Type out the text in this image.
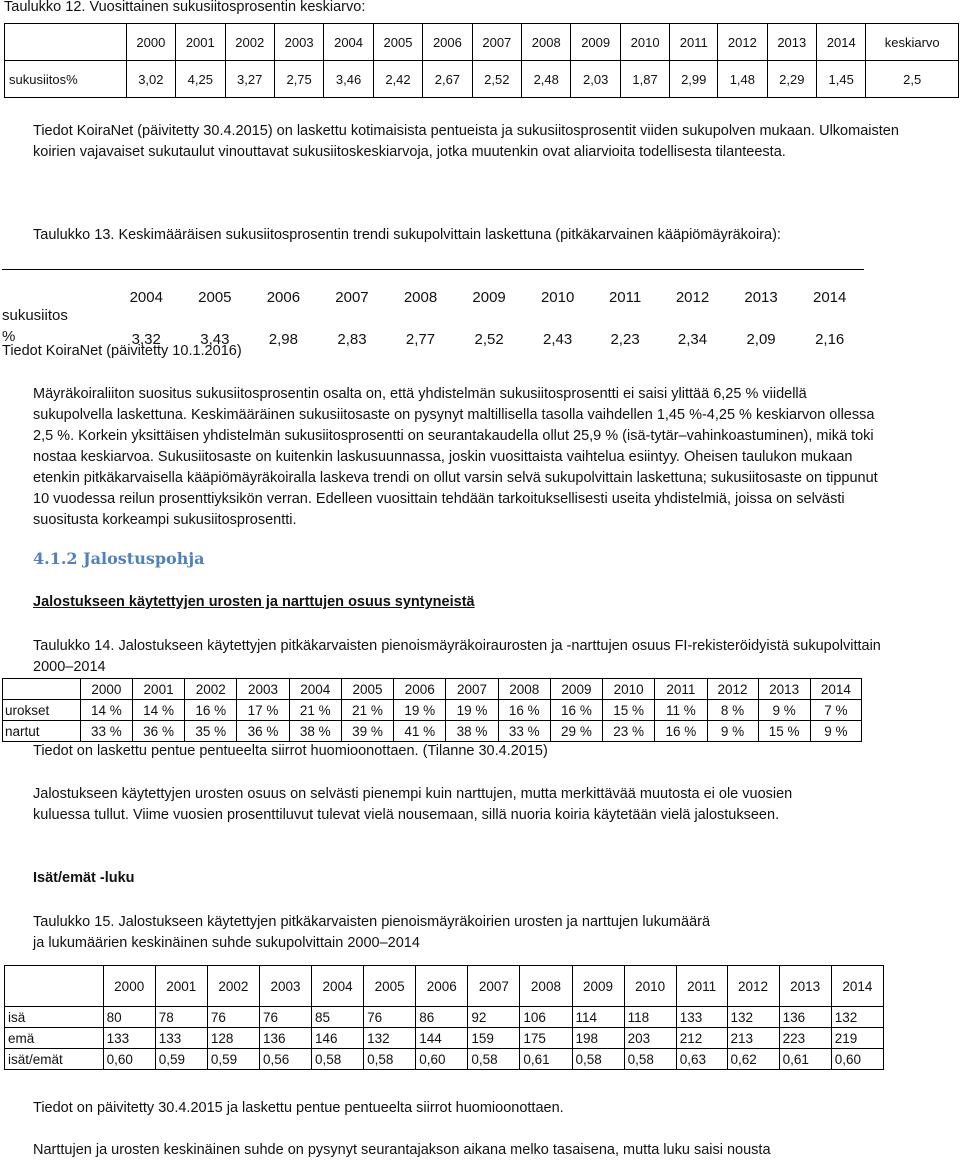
Taulukko 12. Vuosittainen sukusiitosprosentin keskiarvo:
	2000	2001	2002	2003	2004	2005	2006	2007	2008	2009	2010	2011	2012	2013	2014	keskiarvo
sukusiitos%	3,02	4,25	3,27	2,75	3,46	2,42	2,67	2,52	2,48	2,03	1,87	2,99	1,48	2,29	1,45	2,5

Tiedot KoiraNet (päivitetty 30.4.2015) on laskettu kotimaisista pentueista ja sukusiitosprosentit viiden sukupolven mukaan. Ulkomaisten koirien vajavaiset sukutaulut vinouttavat sukusiitoskeskiarvoja, jotka muutenkin ovat aliarvioita todellisesta tilanteesta.

Taulukko 13. Keskimääräisen sukusiitosprosentin trendi sukupolvittain laskettuna (pitkäkarvainen kääpiömäyräkoira):
	2004	2005	2006	2007	2008	2009	2010	2011	2012	2013	2014
sukusiitos											
%	3,32	3,43	2,98	2,83	2,77	2,52	2,43	2,23	2,34	2,09	2,16
Tiedot KoiraNet (päivitetty 10.1.2016)

Mäyräkoiraliiton suositus sukusiitosprosentin osalta on, että yhdistelmän sukusiitosprosentti ei saisi ylittää 6,25 % viidellä sukupolvella laskettuna. Keskimääräinen sukusiitosaste on pysynyt maltillisella tasolla vaihdellen 1,45 %-4,25 % keskiarvon ollessa 2,5 %. Korkein yksittäisen yhdistelmän sukusiitosprosentti on seurantakaudella ollut 25,9 % (isä-tytär–vahinkoastuminen), mikä toki nostaa keskiarvoa. Sukusiitosaste on kuitenkin laskusuunnassa, joskin vuosittaista vaihtelua esiintyy. Oheisen taulukon mukaan etenkin pitkäkarvaisella kääpiömäyräkoiralla laskeva trendi on ollut varsin selvä sukupolvittain laskettuna; sukusiitosaste on tippunut 10 vuodessa reilun prosenttiyksikön verran. Edelleen vuosittain tehdään tarkoituksellisesti useita yhdistelmiä, joissa on selvästi suositusta korkeampi sukusiitosprosentti.

4.1.2 Jalostuspohja
Jalostukseen käytettyjen urosten ja narttujen osuus syntyneistä

Taulukko 14. Jalostukseen käytettyjen pitkäkarvaisten pienoismäyräkoiraurosten ja -narttujen osuus FI-rekisteröidyistä sukupolvittain 2000–2014

	2000	2001	2002	2003	2004	2005	2006	2007	2008	2009	2010	2011	2012	2013	2014
urokset	14 %	14 %	16 %	17 %	21 %	21 %	19 %	19 %	16 %	16 %	15 %	11 %	8 %	9 %	7 %
nartut	33 %	36 %	35 %	36 %	38 %	39 %	41 %	38 %	33 %	29 %	23 %	16 %	9 %	15 %	9 %
Tiedot on laskettu pentue pentueelta siirrot huomioonottaen. (Tilanne 30.4.2015)

Jalostukseen käytettyjen urosten osuus on selvästi pienempi kuin narttujen, mutta merkittävää muutosta ei ole vuosien kuluessa tullut. Viime vuosien prosenttiluvut tulevat vielä nousemaan, sillä nuoria koiria käytetään vielä jalostukseen.

Isät/emät -luku
Taulukko 15. Jalostukseen käytettyjen pitkäkarvaisten pienoismäyräkoirien urosten ja narttujen lukumäärä
ja lukumäärien keskinäinen suhde sukupolvittain 2000–2014
	2000	2001	2002	2003	2004	2005	2006	2007	2008	2009	2010	2011	2012	2013	2014
isä	80	78	76	76	85	76	86	92	106	114	118	133	132	136	132
emä	133	133	128	136	146	132	144	159	175	198	203	212	213	223	219
isät/emät	0,60	0,59	0,59	0,56	0,58	0,58	0,60	0,58	0,61	0,58	0,58	0,63	0,62	0,61	0,60
Tiedot on päivitetty 30.4.2015 ja laskettu pentue pentueelta siirrot huomioonottaen.
Narttujen ja urosten keskinäinen suhde on pysynyt seurantajakson aikana melko tasaisena, mutta luku saisi nousta
